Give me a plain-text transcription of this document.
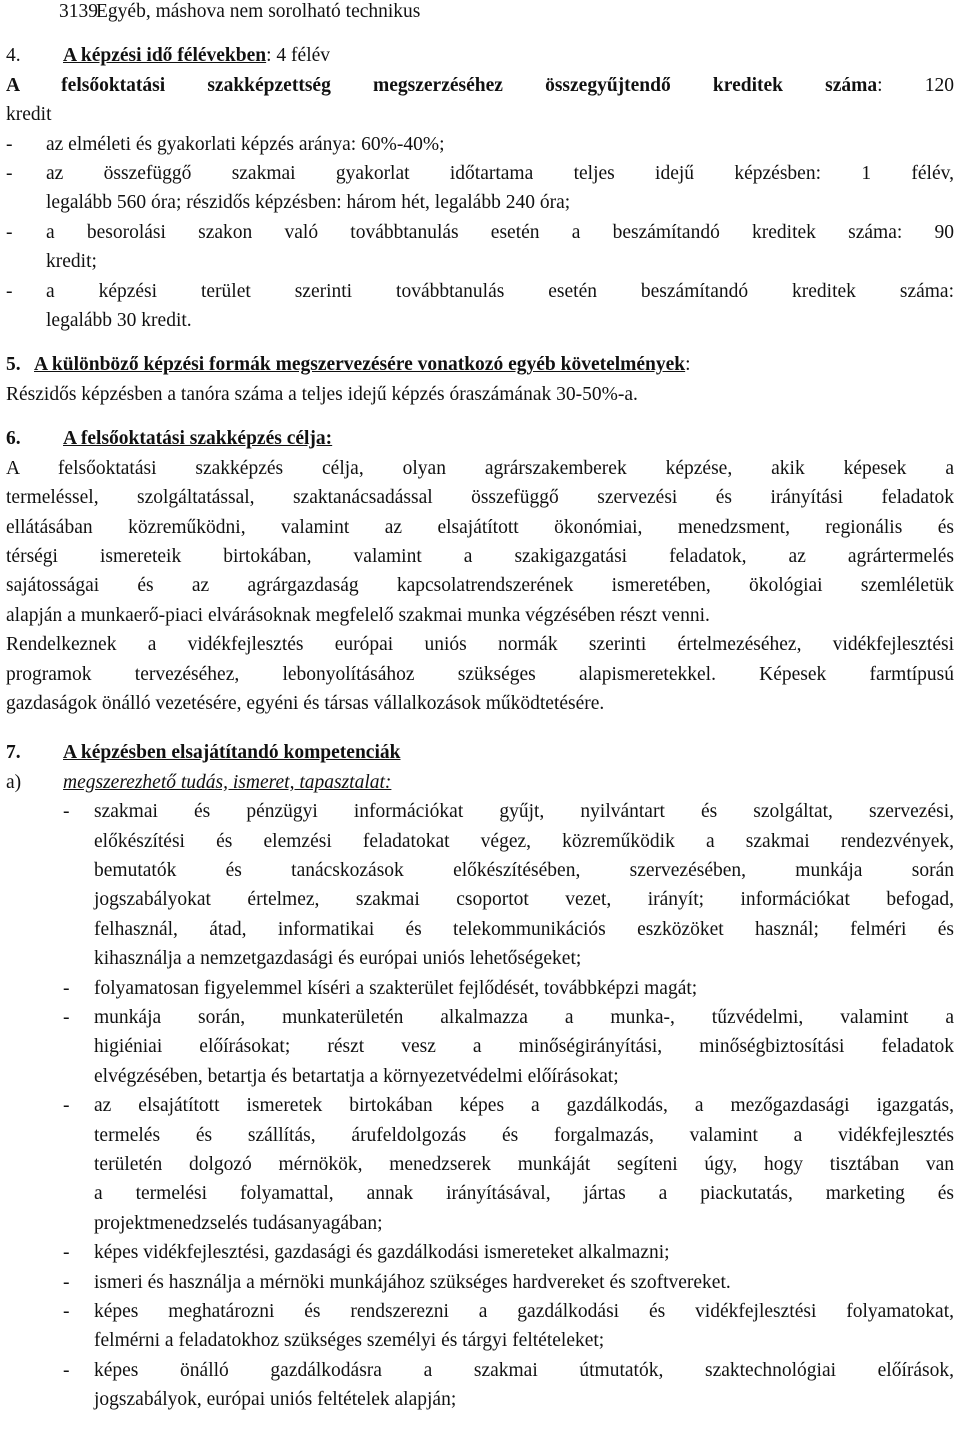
3139Egyéb, máshova nem sorolható technikus
4. A képzési idő félévekben: 4 félév
A felsőoktatási szakképzettség megszerzéséhez összegyűjtendő kreditek száma: 120
kredit
-	az elméleti és gyakorlati képzés aránya: 60%-40%;
-	az összefüggő szakmai gyakorlat időtartama teljes idejű képzésben: 1 félév,
legalább 560 óra; részidős képzésben: három hét, legalább 240 óra;
-	a besorolási szakon való továbbtanulás esetén a beszámítandó kreditek száma: 90
kredit;
-	a képzési terület szerinti továbbtanulás esetén beszámítandó kreditek száma:
legalább 30 kredit.
5. A különböző képzési formák megszervezésére vonatkozó egyéb követelmények:
Részidős képzésben a tanóra száma a teljes idejű képzés óraszámának 30-50%-a.
6. A felsőoktatási szakképzés célja:
A felsőoktatási szakképzés célja, olyan agrárszakemberek képzése, akik képesek a
termeléssel, szolgáltatással, szaktanácsadással összefüggő szervezési és irányítási feladatok
ellátásában közreműködni, valamint az elsajátított ökonómiai, menedzsment, regionális és
térségi ismereteik birtokában, valamint a szakigazgatási feladatok, az agrártermelés
sajátosságai és az agrárgazdaság kapcsolatrendszerének ismeretében, ökológiai szemléletük
alapján a munkaerő-piaci elvárásoknak megfelelő szakmai munka végzésében részt venni.
Rendelkeznek a vidékfejlesztés európai uniós normák szerinti értelmezéséhez, vidékfejlesztési
programok tervezéséhez, lebonyolításához szükséges alapismeretekkel. Képesek farmtípusú
gazdaságok önálló vezetésére, egyéni és társas vállalkozások működtetésére.
7. A képzésben elsajátítandó kompetenciák
a) megszerezhető tudás, ismeret, tapasztalat:
-	szakmai és pénzügyi információkat gyűjt, nyilvántart és szolgáltat, szervezési,
előkészítési és elemzési feladatokat végez, közreműködik a szakmai rendezvények,
bemutatók és tanácskozások előkészítésében, szervezésében, munkája során
jogszabályokat értelmez, szakmai csoportot vezet, irányít; információkat befogad,
felhasznál, átad, informatikai és telekommunikációs eszközöket használ; felméri és
kihasználja a nemzetgazdasági és európai uniós lehetőségeket;
-	folyamatosan figyelemmel kíséri a szakterület fejlődését, továbbképzi magát;
-	munkája során, munkaterületén alkalmazza a munka-, tűzvédelmi, valamint a
higiéniai előírásokat; részt vesz a minőségirányítási, minőségbiztosítási feladatok
elvégzésében, betartja és betartatja a környezetvédelmi előírásokat;
-	az elsajátított ismeretek birtokában képes a gazdálkodás, a mezőgazdasági igazgatás,
termelés és szállítás, árufeldolgozás és forgalmazás, valamint a vidékfejlesztés
területén dolgozó mérnökök, menedzserek munkáját segíteni úgy, hogy tisztában van
a termelési folyamattal, annak irányításával, jártas a piackutatás, marketing és
projektmenedzselés tudásanyagában;
-	képes vidékfejlesztési, gazdasági és gazdálkodási ismereteket alkalmazni;
-	ismeri és használja a mérnöki munkájához szükséges hardvereket és szoftvereket.
-	képes meghatározni és rendszerezni a gazdálkodási és vidékfejlesztési folyamatokat,
felmérni a feladatokhoz szükséges személyi és tárgyi feltételeket;
-	képes önálló gazdálkodásra a szakmai útmutatók, szaktechnológiai előírások,
jogszabályok, európai uniós feltételek alapján;
